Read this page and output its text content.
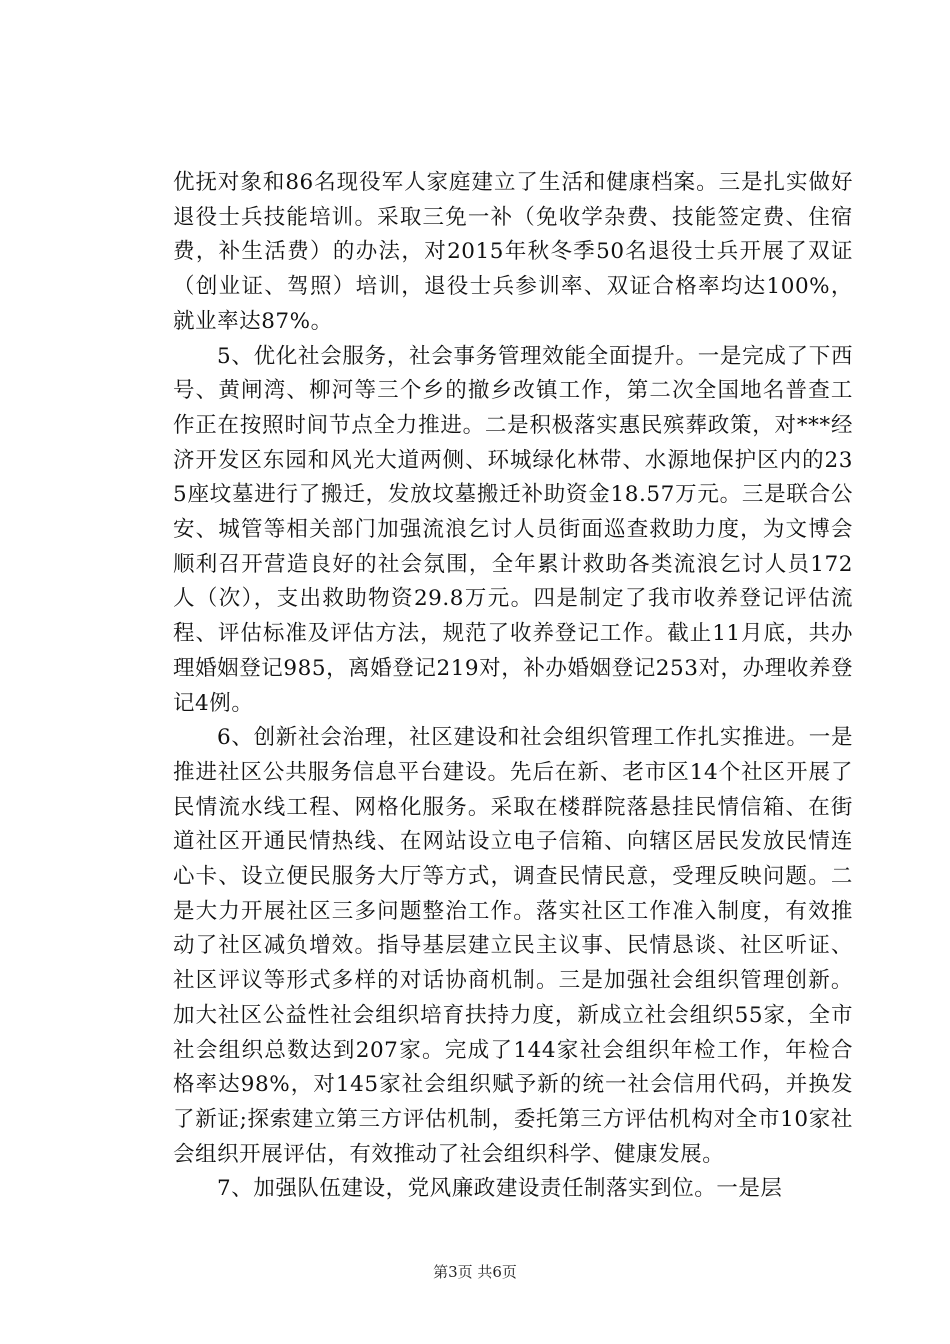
优抚对象和86名现役军人家庭建立了生活和健康档案。三是扎实做好退役士兵技能培训。采取三免一补（免收学杂费、技能签定费、住宿费，补生活费）的办法，对2015年秋冬季50名退役士兵开展了双证（创业证、驾照）培训，退役士兵参训率、双证合格率均达100%，就业率达87%。

5、优化社会服务，社会事务管理效能全面提升。一是完成了下西号、黄闸湾、柳河等三个乡的撤乡改镇工作，第二次全国地名普查工作正在按照时间节点全力推进。二是积极落实惠民殡葬政策，对***经济开发区东园和风光大道两侧、环城绿化林带、水源地保护区内的235座坟墓进行了搬迁，发放坟墓搬迁补助资金18.57万元。三是联合公安、城管等相关部门加强流浪乞讨人员街面巡查救助力度，为文博会顺利召开营造良好的社会氛围，全年累计救助各类流浪乞讨人员172人（次），支出救助物资29.8万元。四是制定了我市收养登记评估流程、评估标准及评估方法，规范了收养登记工作。截止11月底，共办理婚姻登记985，离婚登记219对，补办婚姻登记253对，办理收养登记4例。

6、创新社会治理，社区建设和社会组织管理工作扎实推进。一是推进社区公共服务信息平台建设。先后在新、老市区14个社区开展了民情流水线工程、网格化服务。采取在楼群院落悬挂民情信箱、在街道社区开通民情热线、在网站设立电子信箱、向辖区居民发放民情连心卡、设立便民服务大厅等方式，调查民情民意，受理反映问题。二是大力开展社区三多问题整治工作。落实社区工作准入制度，有效推动了社区减负增效。指导基层建立民主议事、民情恳谈、社区听证、社区评议等形式多样的对话协商机制。三是加强社会组织管理创新。加大社区公益性社会组织培育扶持力度，新成立社会组织55家，全市社会组织总数达到207家。完成了144家社会组织年检工作，年检合格率达98%，对145家社会组织赋予新的统一社会信用代码，并换发了新证;探索建立第三方评估机制，委托第三方评估机构对全市10家社会组织开展评估，有效推动了社会组织科学、健康发展。

7、加强队伍建设，党风廉政建设责任制落实到位。一是层

第3页 共6页
